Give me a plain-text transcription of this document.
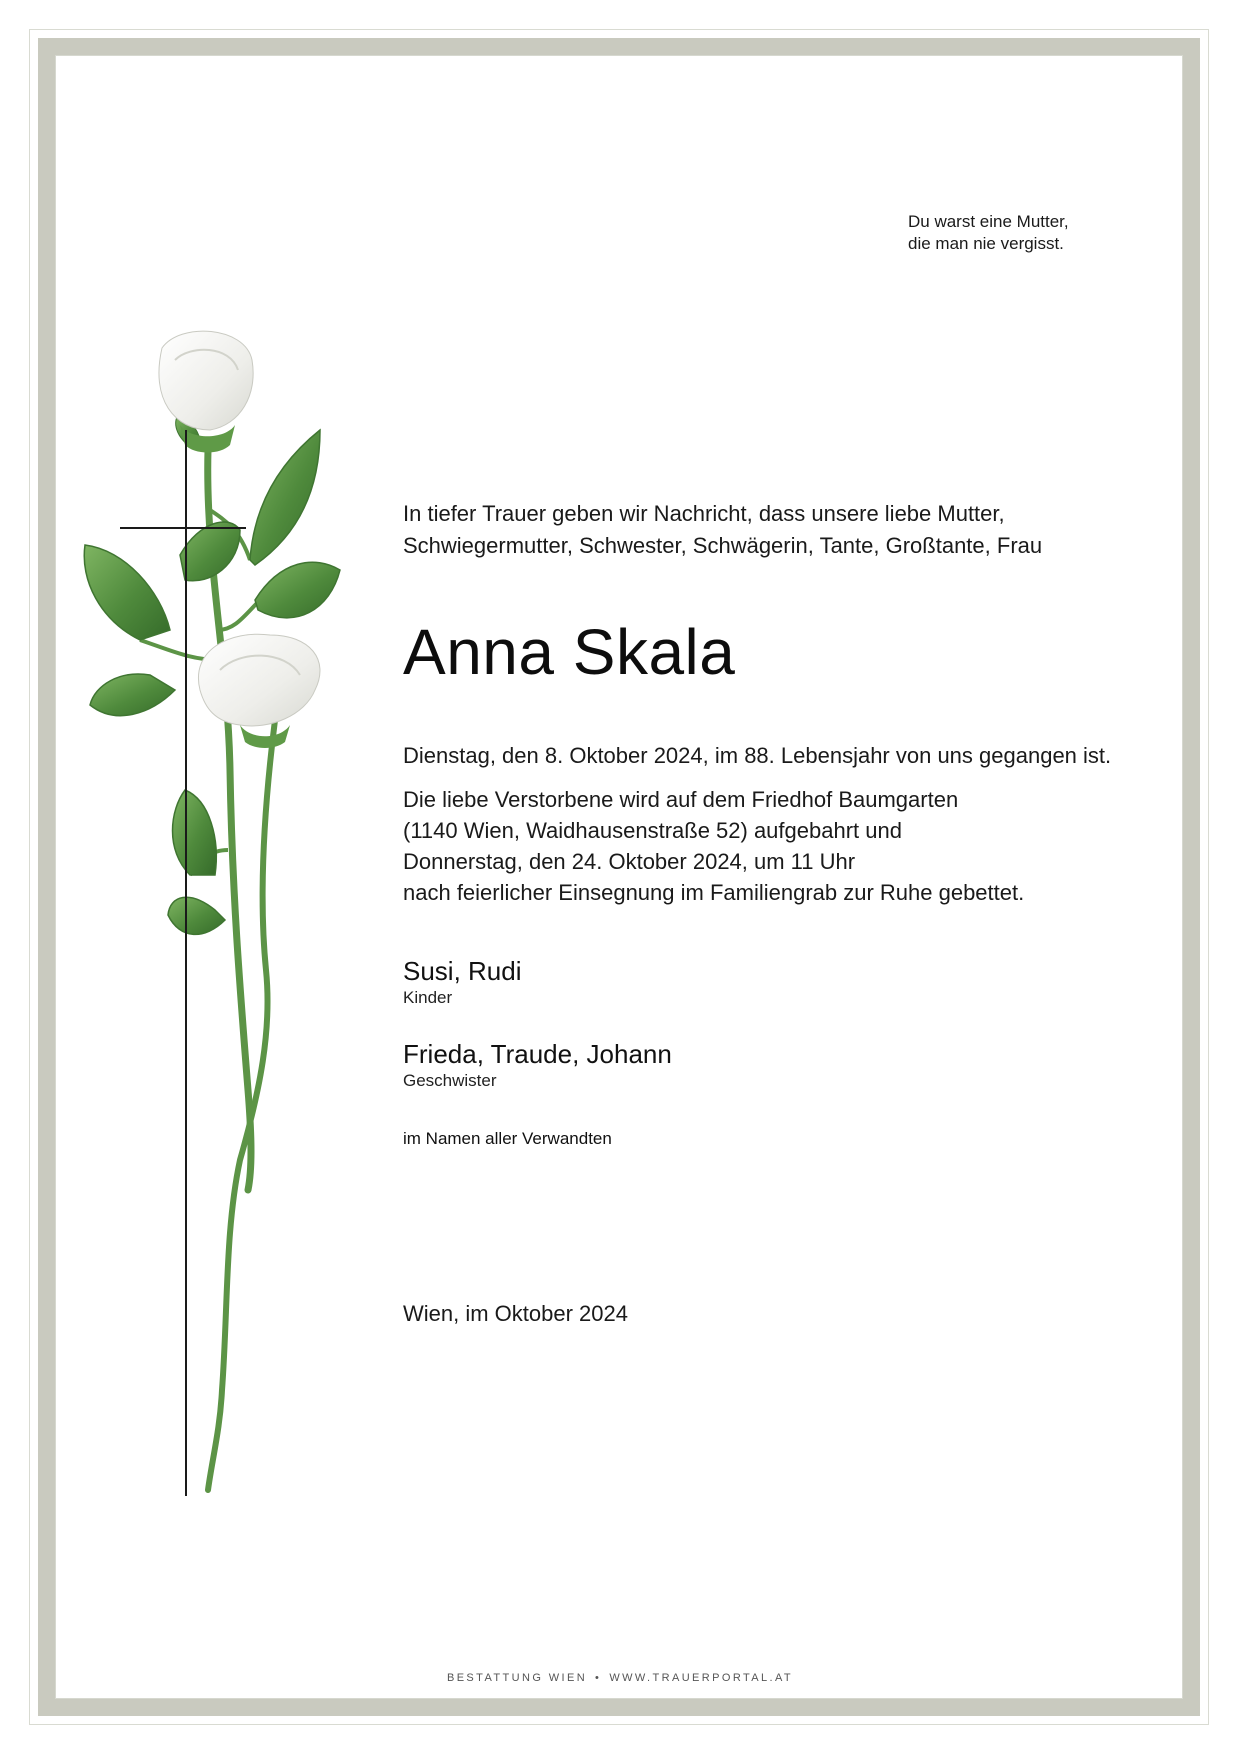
Du warst eine Mutter,
die man nie vergisst.
In tiefer Trauer geben wir Nachricht, dass unsere liebe Mutter,
Schwiegermutter, Schwester, Schwägerin, Tante, Großtante, Frau
Anna Skala
Dienstag, den 8. Oktober 2024, im 88. Lebensjahr von uns gegangen ist.
Die liebe Verstorbene wird auf dem Friedhof Baumgarten
(1140 Wien, Waidhausenstraße 52) aufgebahrt und
Donnerstag, den 24. Oktober 2024, um 11 Uhr
nach feierlicher Einsegnung im Familiengrab zur Ruhe gebettet.
Susi, Rudi
Kinder
Frieda, Traude, Johann
Geschwister
im Namen aller Verwandten
Wien, im Oktober 2024
BESTATTUNG WIEN • WWW.TRAUERPORTAL.AT
